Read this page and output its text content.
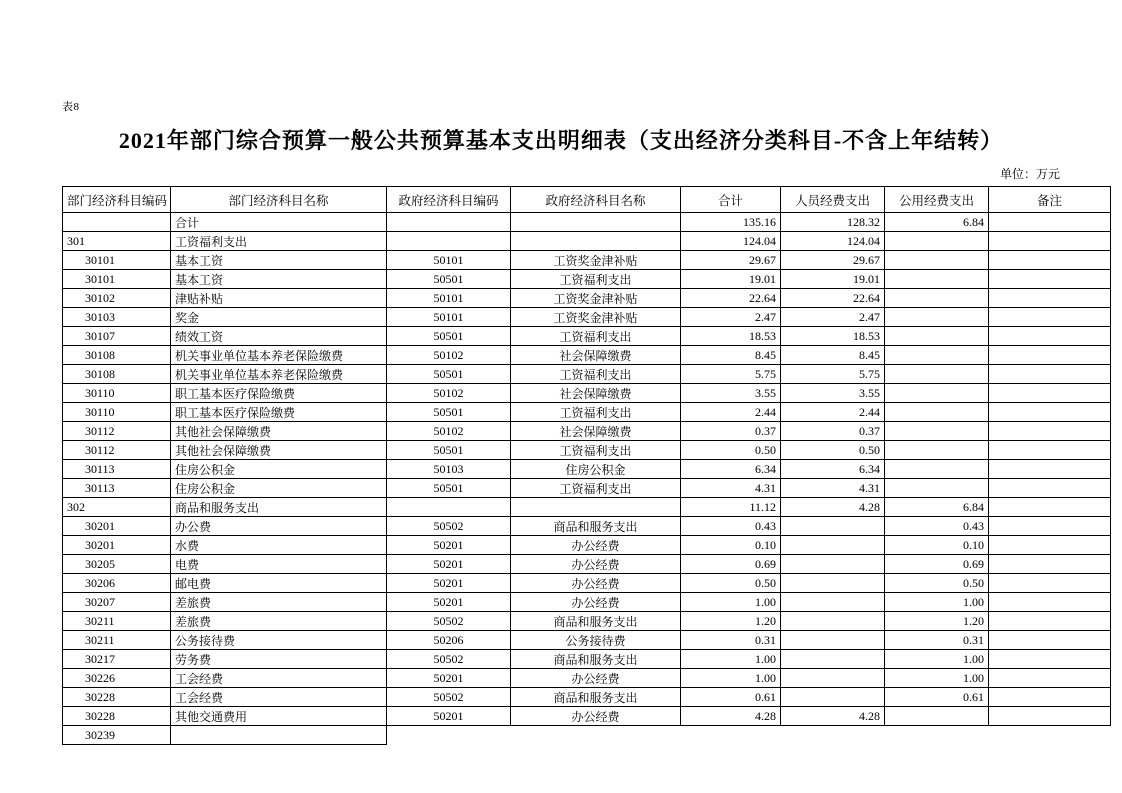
表8
2021年部门综合预算一般公共预算基本支出明细表（支出经济分类科目-不含上年结转）
单位：万元
部门经济科目编码	部门经济科目名称	政府经济科目编码	政府经济科目名称	合计	人员经费支出	公用经费支出	备注
	合计			135.16	128.32	6.84	
301	工资福利支出			124.04	124.04		
30101	基本工资	50101	工资奖金津补贴	29.67	29.67		
30101	基本工资	50501	工资福利支出	19.01	19.01		
30102	津贴补贴	50101	工资奖金津补贴	22.64	22.64		
30103	奖金	50101	工资奖金津补贴	2.47	2.47		
30107	绩效工资	50501	工资福利支出	18.53	18.53		
30108	机关事业单位基本养老保险缴费	50102	社会保障缴费	8.45	8.45		
30108	机关事业单位基本养老保险缴费	50501	工资福利支出	5.75	5.75		
30110	职工基本医疗保险缴费	50102	社会保障缴费	3.55	3.55		
30110	职工基本医疗保险缴费	50501	工资福利支出	2.44	2.44		
30112	其他社会保障缴费	50102	社会保障缴费	0.37	0.37		
30112	其他社会保障缴费	50501	工资福利支出	0.50	0.50		
30113	住房公积金	50103	住房公积金	6.34	6.34		
30113	住房公积金	50501	工资福利支出	4.31	4.31		
302	商品和服务支出			11.12	4.28	6.84	
30201	办公费	50502	商品和服务支出	0.43		0.43	
30201	水费	50201	办公经费	0.10		0.10	
30205	电费	50201	办公经费	0.69		0.69	
30206	邮电费	50201	办公经费	0.50		0.50	
30207	差旅费	50201	办公经费	1.00		1.00	
30211	差旅费	50502	商品和服务支出	1.20		1.20	
30211	公务接待费	50206	公务接待费	0.31		0.31	
30217	劳务费	50502	商品和服务支出	1.00		1.00	
30226	工会经费	50201	办公经费	1.00		1.00	
30228	工会经费	50502	商品和服务支出	0.61		0.61	
30228	其他交通费用	50201	办公经费	4.28	4.28		
30239							
